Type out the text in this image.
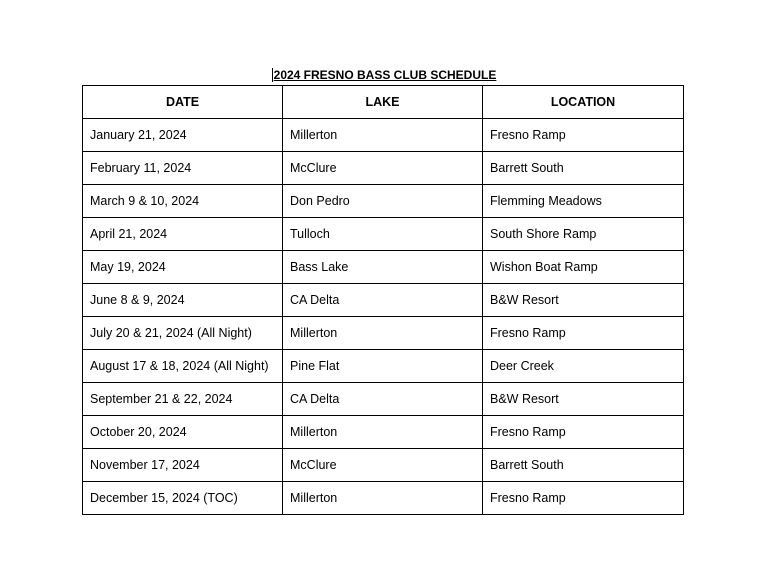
2024 FRESNO BASS CLUB SCHEDULE
DATE	LAKE	LOCATION
January 21, 2024	Millerton	Fresno Ramp
February 11, 2024	McClure	Barrett South
March 9 & 10, 2024	Don Pedro	Flemming Meadows
April 21, 2024	Tulloch	South Shore Ramp
May 19, 2024	Bass Lake	Wishon Boat Ramp
June 8 & 9, 2024	CA Delta	B&W Resort
July 20 & 21, 2024 (All Night)	Millerton	Fresno Ramp
August 17 & 18, 2024 (All Night)	Pine Flat	Deer Creek
September 21 & 22, 2024	CA Delta	B&W Resort
October 20, 2024	Millerton	Fresno Ramp
November 17, 2024	McClure	Barrett South
December 15, 2024 (TOC)	Millerton	Fresno Ramp
